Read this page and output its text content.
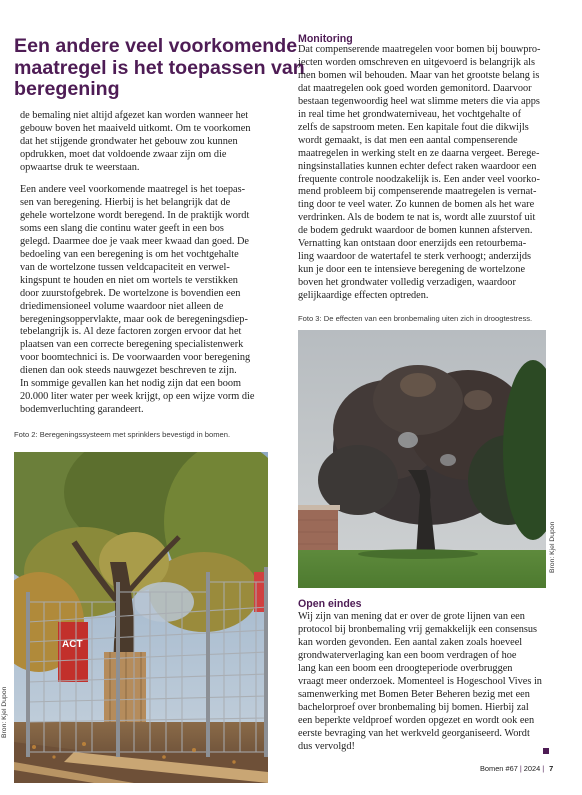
Een andere veel voorkomende
maatregel is het toepassen van
beregening
de bemaling niet altijd afgezet kan worden wanneer het
gebouw boven het maaiveld uitkomt. Om te voorkomen
dat het stijgende grondwater het gebouw zou kunnen
opdrukken, moet dat voldoende zwaar zijn om die
opwaartse druk te weerstaan.
Een andere veel voorkomende maatregel is het toepas-
sen van beregening. Hierbij is het belangrijk dat de
gehele wortelzone wordt beregend. In de praktijk wordt
soms een slang die continu water geeft in een bos
gelegd. Daarmee doe je vaak meer kwaad dan goed. De
bedoeling van een beregening is om het vochtgehalte
van de wortelzone tussen veldcapaciteit en verwel-
kingspunt te houden en niet om wortels te verstikken
door zuurstofgebrek. De wortelzone is bovendien een
driedimensioneel volume waardoor niet alleen de
beregeningsoppervlakte, maar ook de beregeningsdiep-
tebelangrijk is. Al deze factoren zorgen ervoor dat het
plaatsen van een correcte beregening specialistenwerk
voor boomtechnici is. De voorwaarden voor beregening
dienen dan ook steeds nauwgezet beschreven te zijn.
In sommige gevallen kan het nodig zijn dat een boom
20.000 liter water per week krijgt, op een wijze vorm die
bodemverluchting garandeert.
Foto 2: Beregeningssysteem met sprinklers bevestigd in bomen.
ACT
Bron: Kjel Dupon
Monitoring
Dat compenserende maatregelen voor bomen bij bouwpro-
jecten worden omschreven en uitgevoerd is belangrijk als
men bomen wil behouden. Maar van het grootste belang is
dat maatregelen ook goed worden gemonitord. Daarvoor
bestaan tegenwoordig heel wat slimme meters die via apps
in real time het grondwaterniveau, het vochtgehalte of
zelfs de sapstroom meten. Een kapitale fout die dikwijls
wordt gemaakt, is dat men een aantal compenserende
maatregelen in werking stelt en ze daarna vergeet. Berege-
ningsinstallaties kunnen echter defect raken waardoor een
frequente controle noodzakelijk is. Een ander veel voorko-
mend probleem bij compenserende maatregelen is vernat-
ting door te veel water. Zo kunnen de bomen als het ware
verdrinken. Als de bodem te nat is, wordt alle zuurstof uit
de bodem gedrukt waardoor de bomen kunnen afsterven.
Vernatting kan ontstaan door enerzijds een retourbema-
ling waardoor de watertafel te sterk verhoogt; anderzijds
kun je door een te intensieve beregening de wortelzone
boven het grondwater volledig verzadigen, waardoor
gelijkaardige effecten optreden.
Foto 3: De effecten van een bronbemaling uiten zich in droogtestress.
Bron: Kjel Dupon
Open eindes
Wij zijn van mening dat er over de grote lijnen van een
protocol bij bronbemaling vrij gemakkelijk een consensus
kan worden gevonden. Een aantal zaken zoals hoeveel
grondwaterverlaging kan een boom verdragen of hoe
lang kan een boom een droogteperiode overbruggen
vraagt meer onderzoek. Momenteel is Hogeschool Vives in
samenwerking met Bomen Beter Beheren bezig met een
bachelorproef over bronbemaling bij bomen. Hierbij zal
een beperkte veldproef worden opgezet en wordt ook een
eerste bevraging van het werkveld georganiseerd. Wordt
dus vervolgd!
Bomen #67 | 2024 | 7
